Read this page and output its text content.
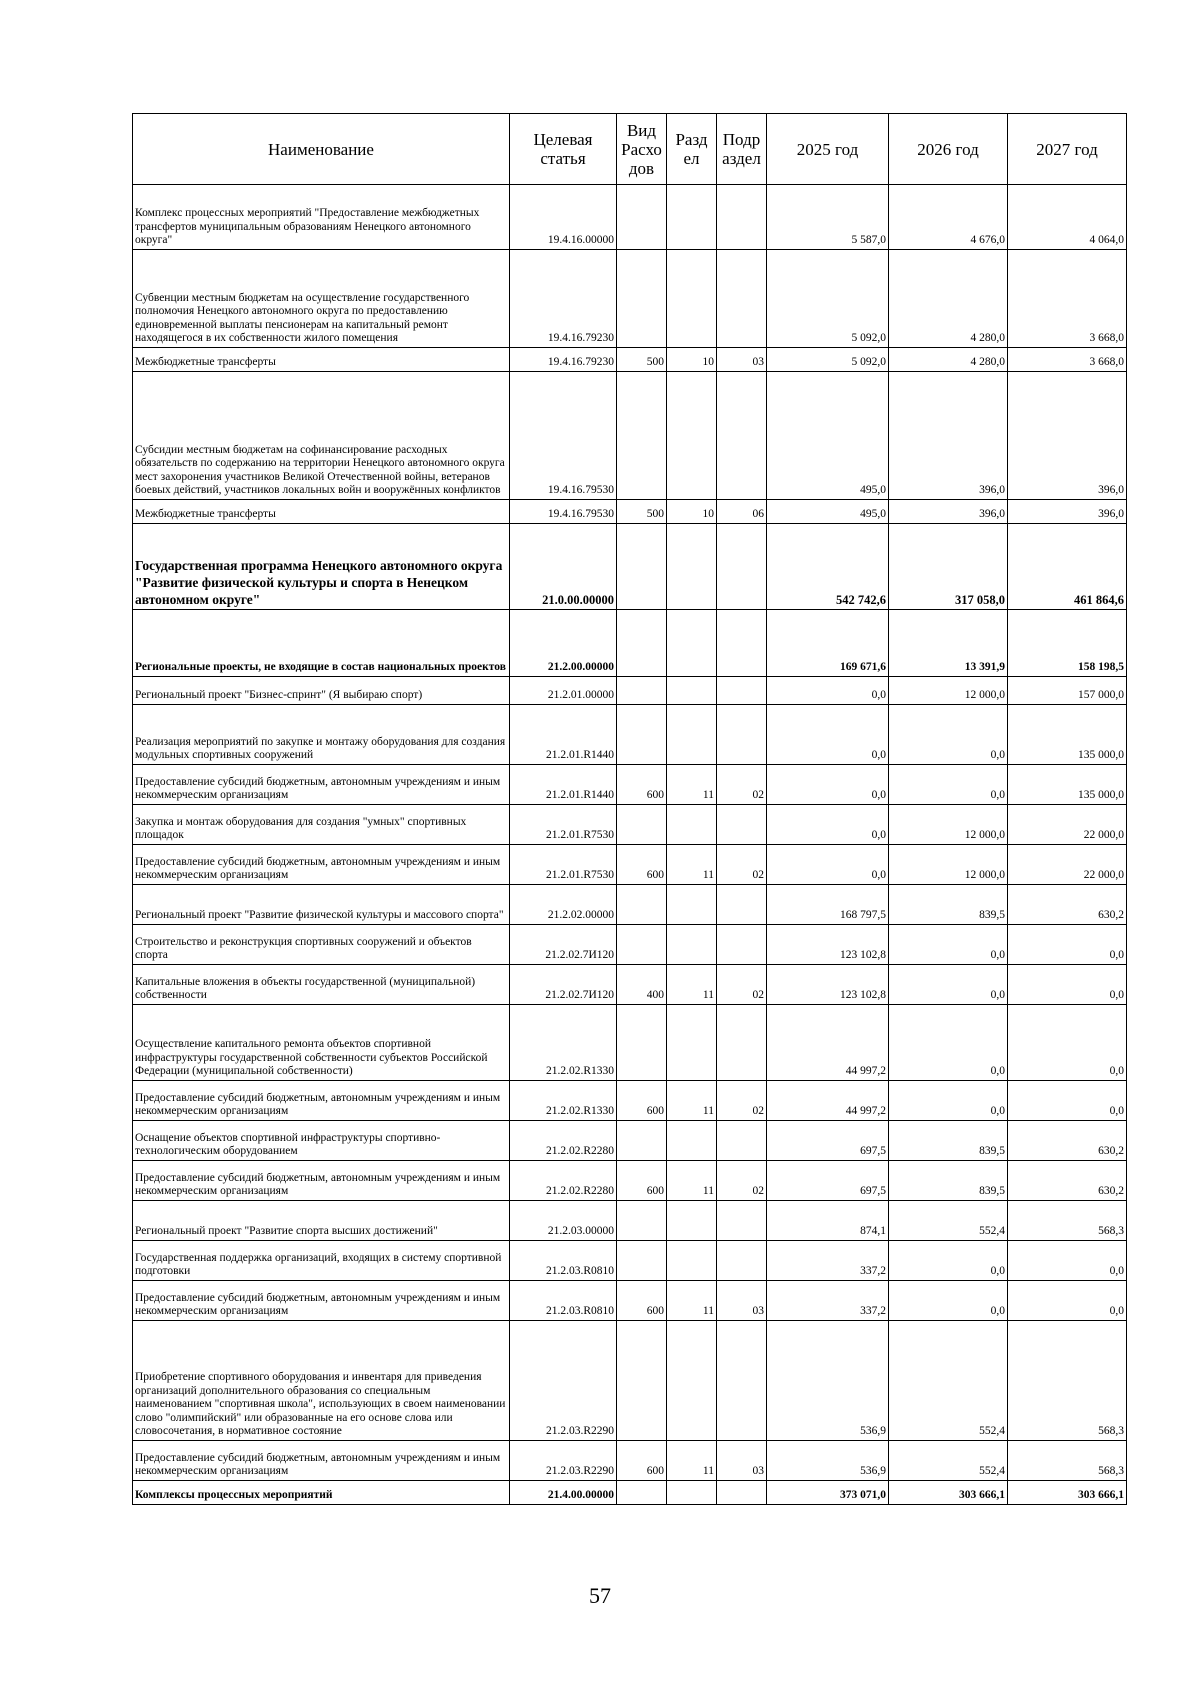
Наименование	Целевая статья	Вид Расхо дов	Разд ел	Подр аздел	2025 год	2026 год	2027 год
Комплекс процессных мероприятий "Предоставление межбюджетных трансфертов муниципальным образованиям Ненецкого автономного округа"	19.4.16.00000				5 587,0	4 676,0	4 064,0
Субвенции местным бюджетам на осуществление государственного полномочия Ненецкого автономного округа по предоставлению единовременной выплаты пенсионерам на капитальный ремонт находящегося в их собственности жилого помещения	19.4.16.79230				5 092,0	4 280,0	3 668,0
Межбюджетные трансферты	19.4.16.79230	500	10	03	5 092,0	4 280,0	3 668,0
Субсидии местным бюджетам на софинансирование расходных обязательств по содержанию на территории Ненецкого автономного округа мест захоронения участников Великой Отечественной войны, ветеранов боевых действий, участников локальных войн и вооружённых конфликтов	19.4.16.79530				495,0	396,0	396,0
Межбюджетные трансферты	19.4.16.79530	500	10	06	495,0	396,0	396,0
Государственная программа Ненецкого автономного округа "Развитие физической культуры и спорта в Ненецком автономном округе"	21.0.00.00000				542 742,6	317 058,0	461 864,6
Региональные проекты, не входящие в состав национальных проектов	21.2.00.00000				169 671,6	13 391,9	158 198,5
Региональный проект "Бизнес-спринт" (Я выбираю спорт)	21.2.01.00000				0,0	12 000,0	157 000,0
Реализация мероприятий по закупке и монтажу оборудования для создания модульных спортивных сооружений	21.2.01.R1440				0,0	0,0	135 000,0
Предоставление субсидий бюджетным, автономным учреждениям и иным некоммерческим организациям	21.2.01.R1440	600	11	02	0,0	0,0	135 000,0
Закупка и монтаж оборудования для создания "умных" спортивных площадок	21.2.01.R7530				0,0	12 000,0	22 000,0
Предоставление субсидий бюджетным, автономным учреждениям и иным некоммерческим организациям	21.2.01.R7530	600	11	02	0,0	12 000,0	22 000,0
Региональный проект "Развитие физической культуры и массового спорта"	21.2.02.00000				168 797,5	839,5	630,2
Строительство и реконструкция спортивных сооружений и объектов спорта	21.2.02.7И120				123 102,8	0,0	0,0
Капитальные вложения в объекты государственной (муниципальной) собственности	21.2.02.7И120	400	11	02	123 102,8	0,0	0,0
Осуществление капитального ремонта объектов спортивной инфраструктуры государственной собственности субъектов Российской Федерации (муниципальной собственности)	21.2.02.R1330				44 997,2	0,0	0,0
Предоставление субсидий бюджетным, автономным учреждениям и иным некоммерческим организациям	21.2.02.R1330	600	11	02	44 997,2	0,0	0,0
Оснащение объектов спортивной инфраструктуры спортивно-технологическим оборудованием	21.2.02.R2280				697,5	839,5	630,2
Предоставление субсидий бюджетным, автономным учреждениям и иным некоммерческим организациям	21.2.02.R2280	600	11	02	697,5	839,5	630,2
Региональный проект "Развитие спорта высших достижений"	21.2.03.00000				874,1	552,4	568,3
Государственная поддержка организаций, входящих в систему спортивной подготовки	21.2.03.R0810				337,2	0,0	0,0
Предоставление субсидий бюджетным, автономным учреждениям и иным некоммерческим организациям	21.2.03.R0810	600	11	03	337,2	0,0	0,0
Приобретение спортивного оборудования и инвентаря для приведения организаций дополнительного образования со специальным наименованием "спортивная школа", использующих в своем наименовании слово "олимпийский" или образованные на его основе слова или словосочетания, в нормативное состояние	21.2.03.R2290				536,9	552,4	568,3
Предоставление субсидий бюджетным, автономным учреждениям и иным некоммерческим организациям	21.2.03.R2290	600	11	03	536,9	552,4	568,3
Комплексы процессных мероприятий	21.4.00.00000				373 071,0	303 666,1	303 666,1
57
